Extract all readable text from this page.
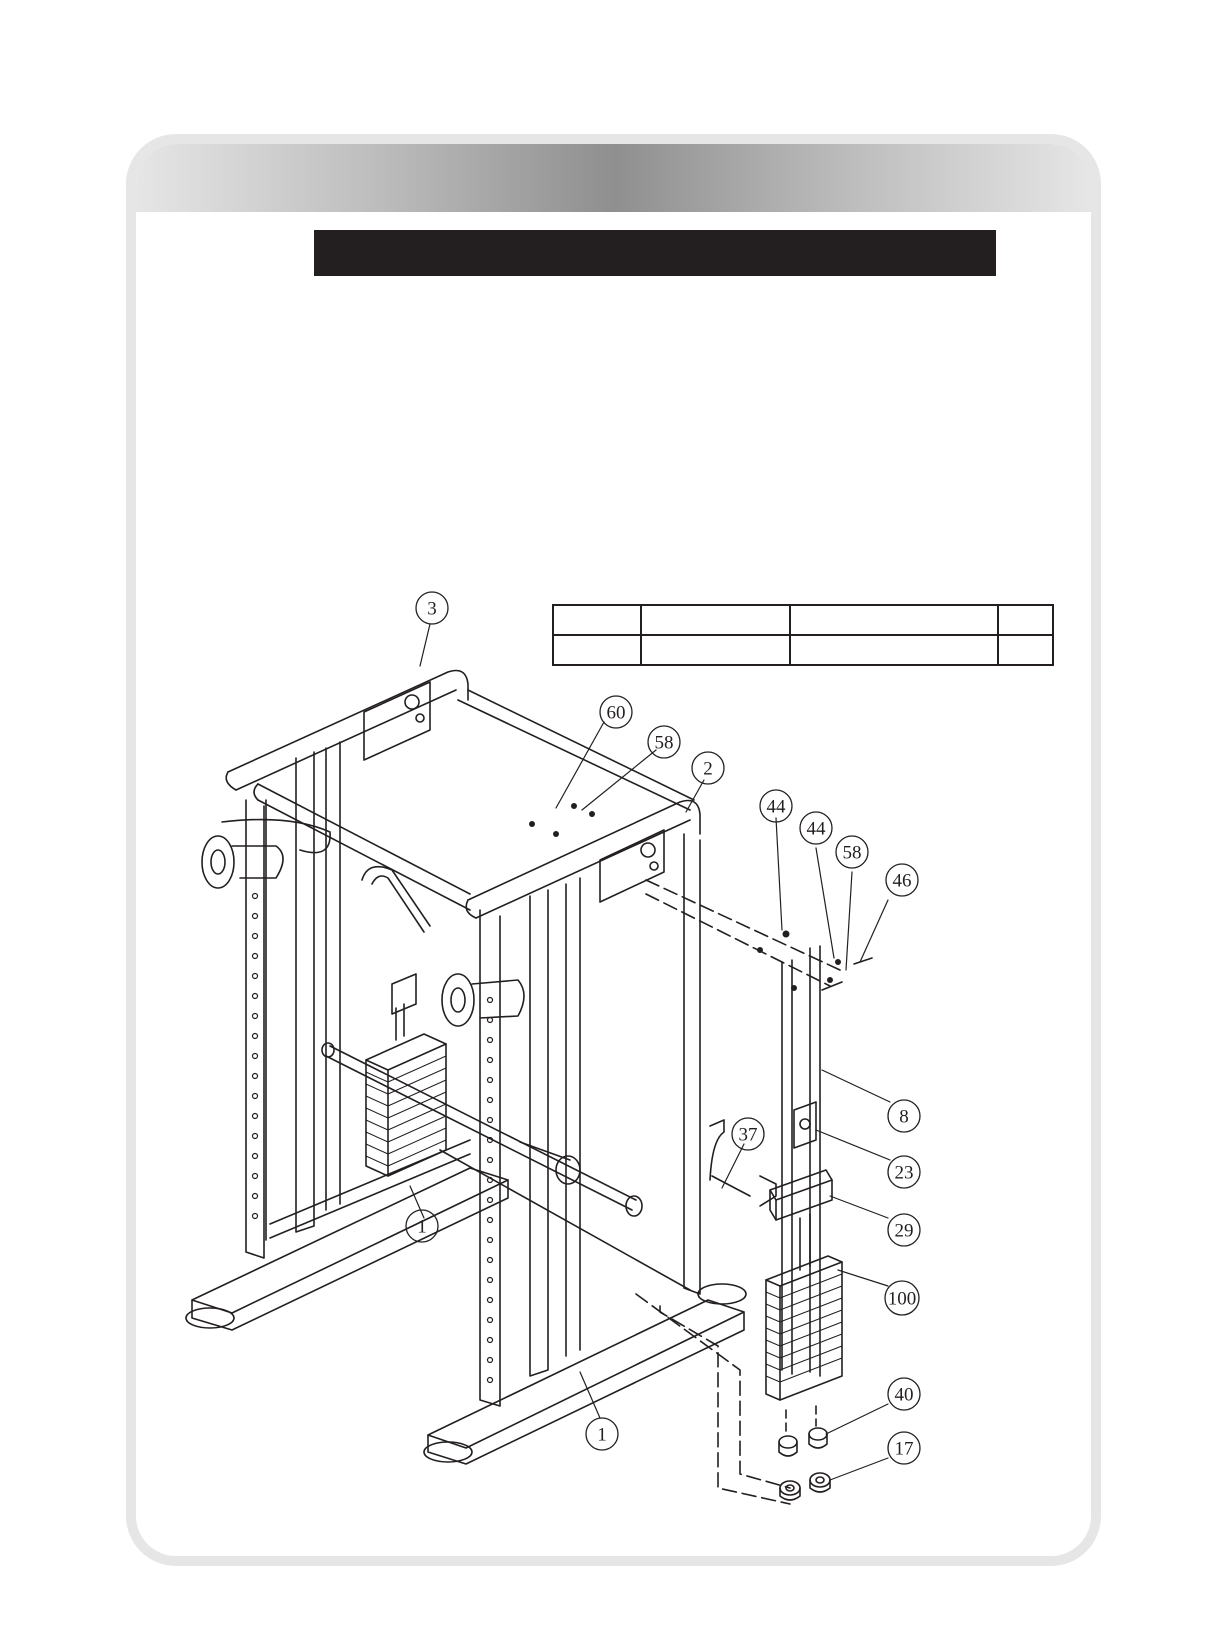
3
60
58
2
44
44
58
46
8
37
23
1	29
100
1
40
17
